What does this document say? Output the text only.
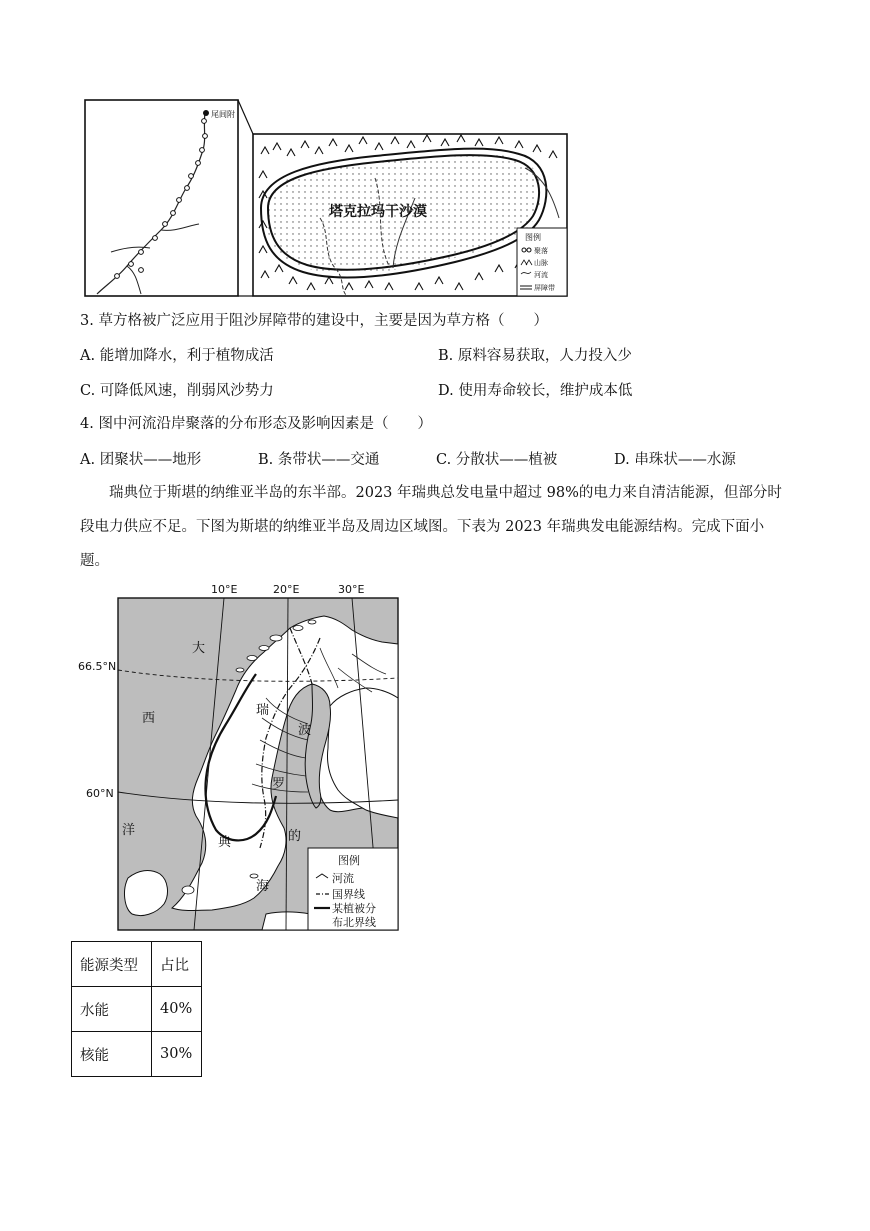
尾闾附
塔克拉玛干沙漠
图例
聚落
山脉
河流
屏障带
3. 草方格被广泛应用于阻沙屏障带的建设中，主要是因为草方格（　　）
A. 能增加降水，利于植物成活	B. 原料容易获取，人力投入少
C. 可降低风速，削弱风沙势力	D. 使用寿命较长，维护成本低
4. 图中河流沿岸聚落的分布形态及影响因素是（　　）
A. 团聚状——地形	B. 条带状——交通	C. 分散状——植被	D. 串珠状——水源
瑞典位于斯堪的纳维亚半岛的东半部。2023 年瑞典总发电量中超过 98%的电力来自清洁能源，但部分时段电力供应不足。下图为斯堪的纳维亚半岛及周边区域图。下表为 2023 年瑞典发电能源结构。完成下面小题。
10°E	20°E	30°E
66.5°N
60°N
大
西
洋
瑞
典
波
罗
的
海
图例
河流
国界线
某植被分
布北界线
能源类型	占比
水能	40%
核能	30%
